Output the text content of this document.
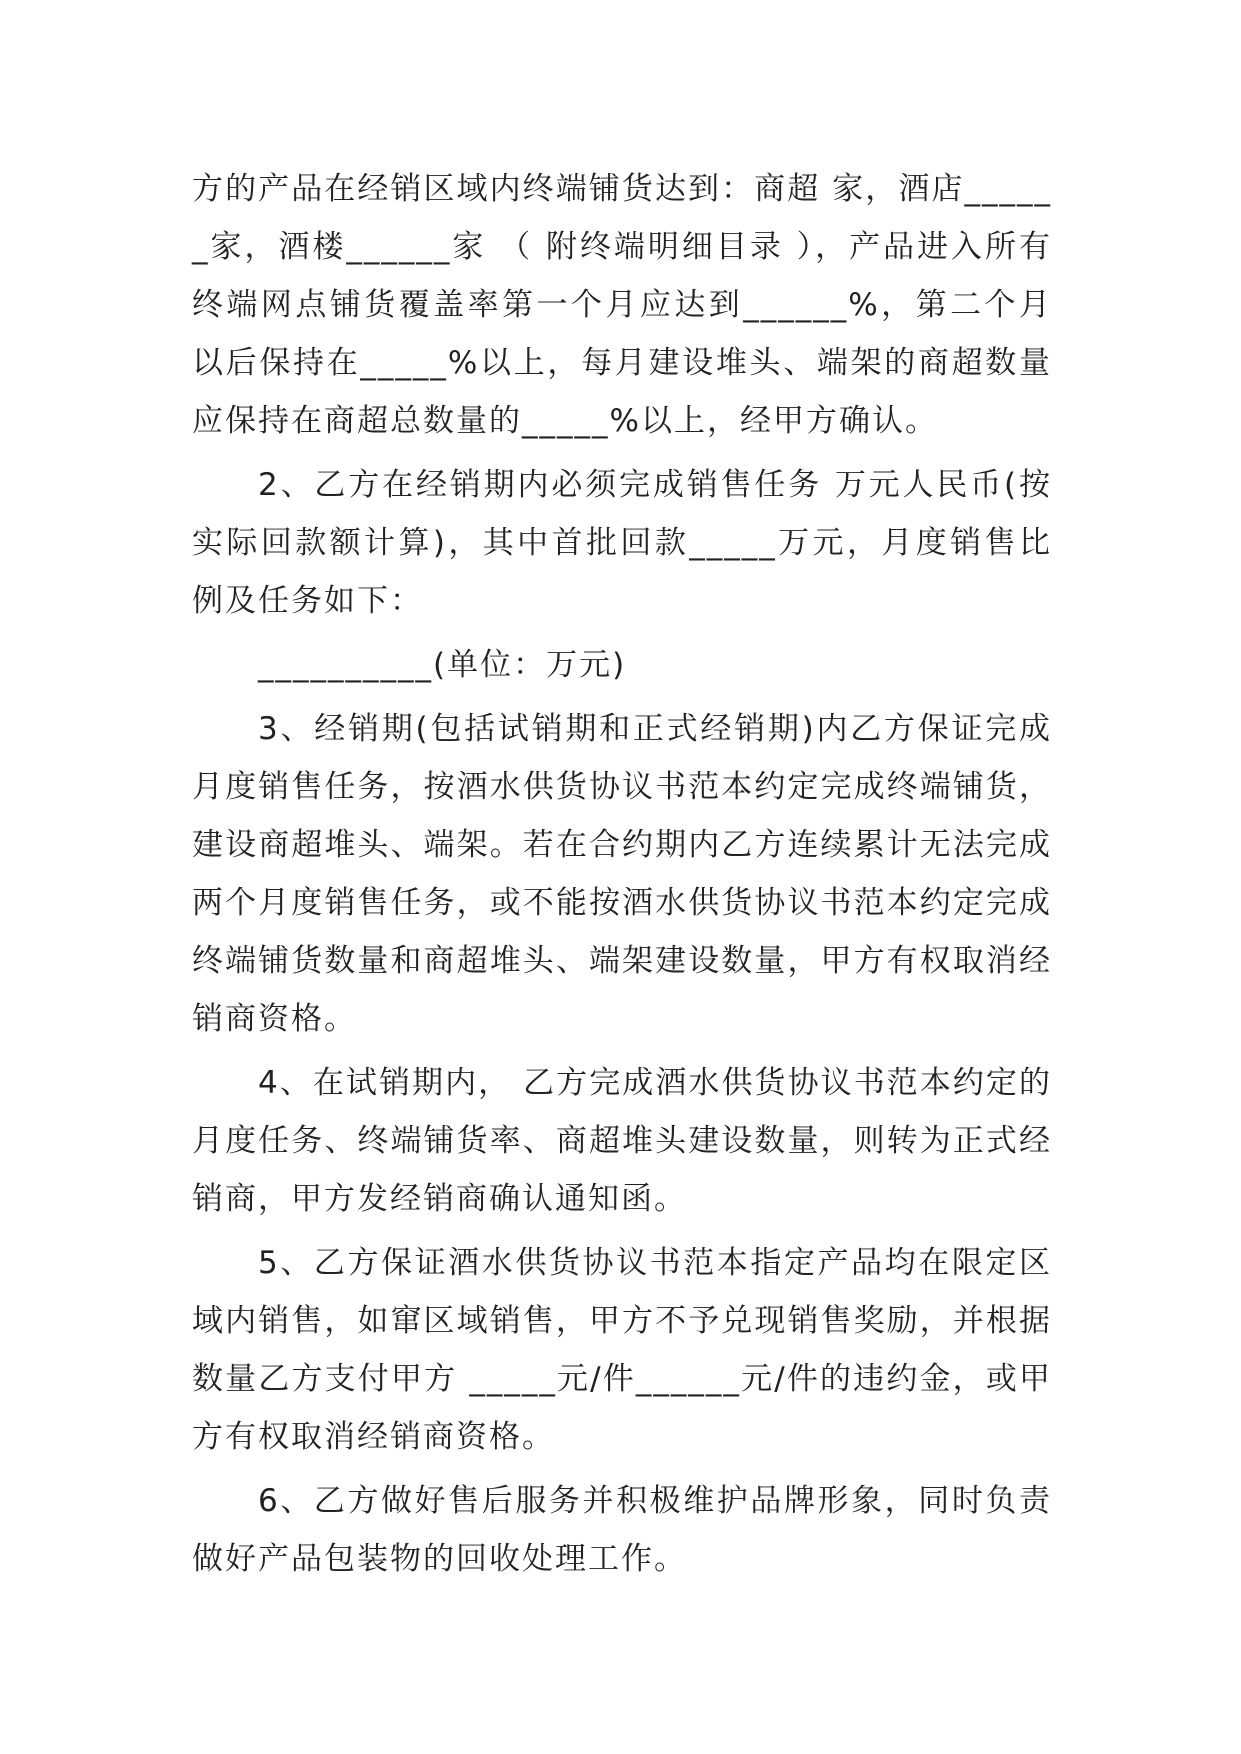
方的产品在经销区域内终端铺货达到：商超 家，酒店______家，酒楼______家 （ 附终端明细目录 ），产品进入所有终端网点铺货覆盖率第一个月应达到______%，第二个月以后保持在_____%以上，每月建设堆头、端架的商超数量应保持在商超总数量的_____%以上，经甲方确认。

2、乙方在经销期内必须完成销售任务 万元人民币(按实际回款额计算)，其中首批回款_____万元，月度销售比例及任务如下：

__________(单位：万元)

3、经销期(包括试销期和正式经销期)内乙方保证完成月度销售任务，按酒水供货协议书范本约定完成终端铺货，建设商超堆头、端架。若在合约期内乙方连续累计无法完成两个月度销售任务，或不能按酒水供货协议书范本约定完成终端铺货数量和商超堆头、端架建设数量，甲方有权取消经销商资格。

4、在试销期内， 乙方完成酒水供货协议书范本约定的月度任务、终端铺货率、商超堆头建设数量，则转为正式经销商，甲方发经销商确认通知函。

5、乙方保证酒水供货协议书范本指定产品均在限定区域内销售，如窜区域销售，甲方不予兑现销售奖励，并根据数量乙方支付甲方 _____元/件______元/件的违约金，或甲方有权取消经销商资格。

6、乙方做好售后服务并积极维护品牌形象，同时负责做好产品包装物的回收处理工作。
